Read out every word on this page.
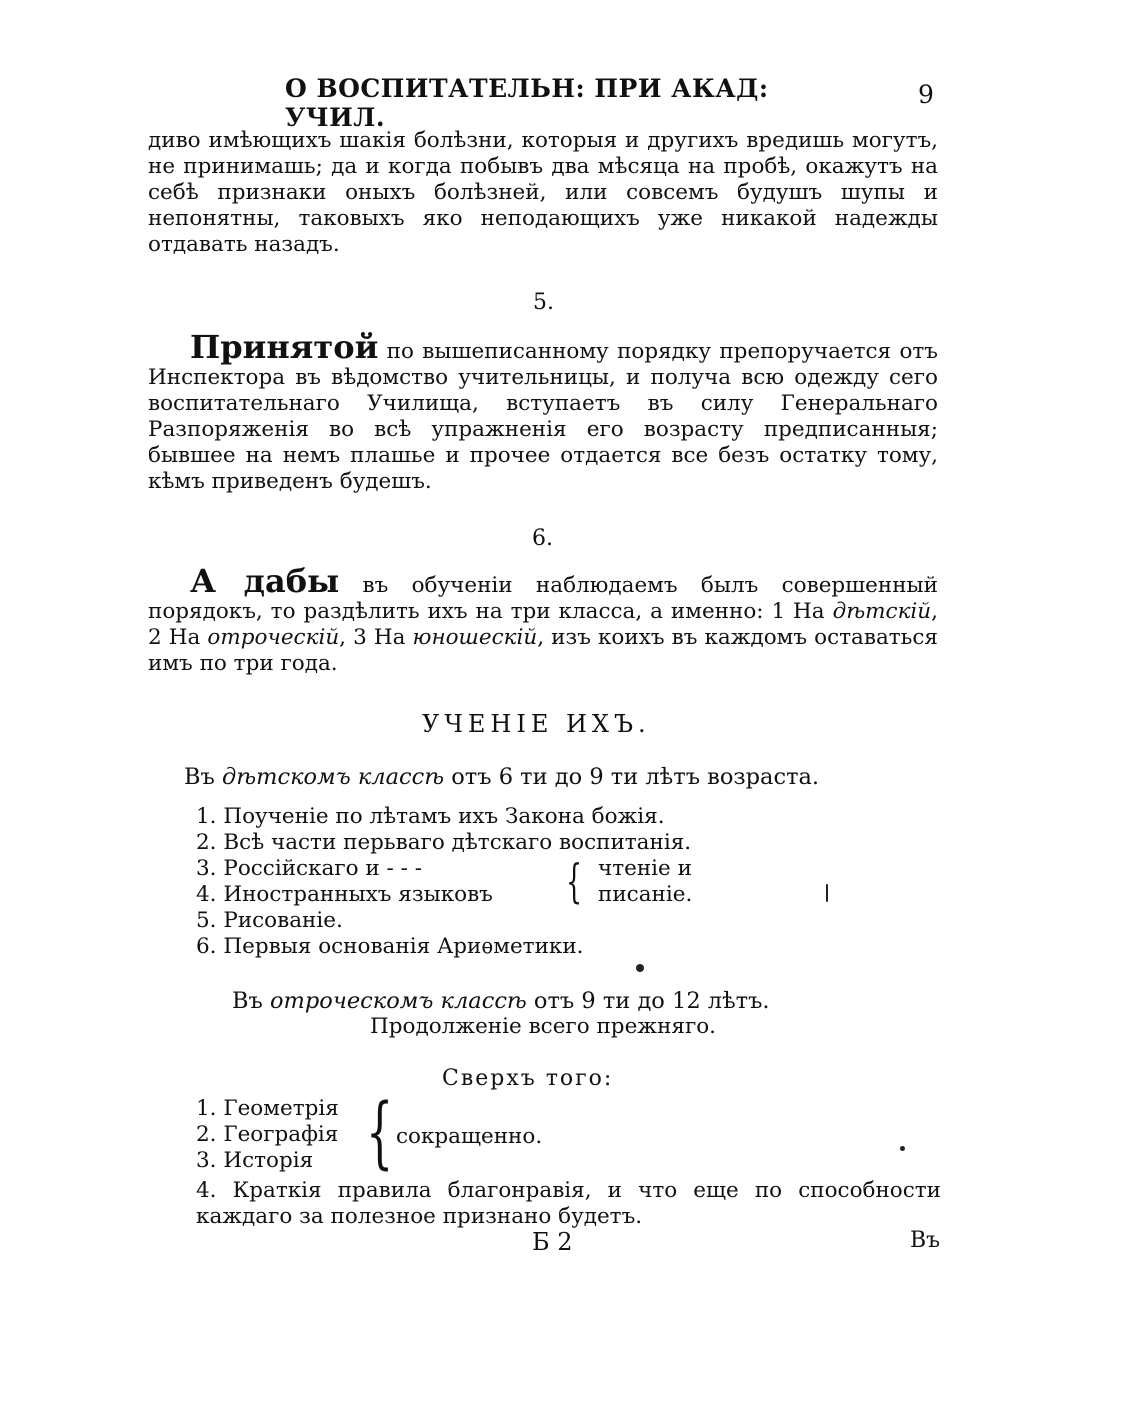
О ВОСПИТАТЕЛЬН: ПРИ АКАД: УЧИЛ.
9
диво имѣющихъ шакія болѣзни, которыя и другихъ вредишь могутъ, не принимашь; да и когда побывъ два мѣсяца на пробѣ, окажутъ на себѣ признаки оныхъ болѣзней, или совсемъ будушъ шупы и непонятны, таковыхъ яко неподающихъ уже никакой надежды отдавать назадъ.
5.
Принятой по вышеписанному порядку препоручается отъ Инспектора въ вѣдомство учительницы, и получа всю одежду сего воспитательнаго Училища, вступаетъ въ силу Генеральнаго Разпоряженія во всѣ упражненія его возрасту предписанныя; бывшее на немъ плашье и прочее отдается все безъ остатку тому, кѣмъ приведенъ будешъ.
6.
А дабы въ обученіи наблюдаемъ былъ совершенный порядокъ, то раздѣлить ихъ на три класса, а именно: 1 На дѣтскій, 2 На отроческій, 3 На юношескій, изъ коихъ въ каждомъ оставаться имъ по три года.
УЧЕНІЕ ИХЪ.
Въ дѣтскомъ классѣ отъ 6 ти до 9 ти лѣтъ возраста.
1. Поученіе по лѣтамъ ихъ Закона божія.
2. Всѣ части перьваго дѣтскаго воспитанія.
3. Россійскаго и - - -
4. Иностранныхъ языковъ
5. Рисованіе.
6. Первыя основанія Ариѳметики.
{ чтеніе и
писаніе.
Въ отроческомъ классѣ отъ 9 ти до 12 лѣтъ.
Продолженіе всего прежняго.
Сверхъ того:
1. Геометрія
2. Географія
3. Исторія { сокращенно.
4. Краткія правила благонравія, и что еще по способности каждаго за полезное признано будетъ.
Б 2	Въ
